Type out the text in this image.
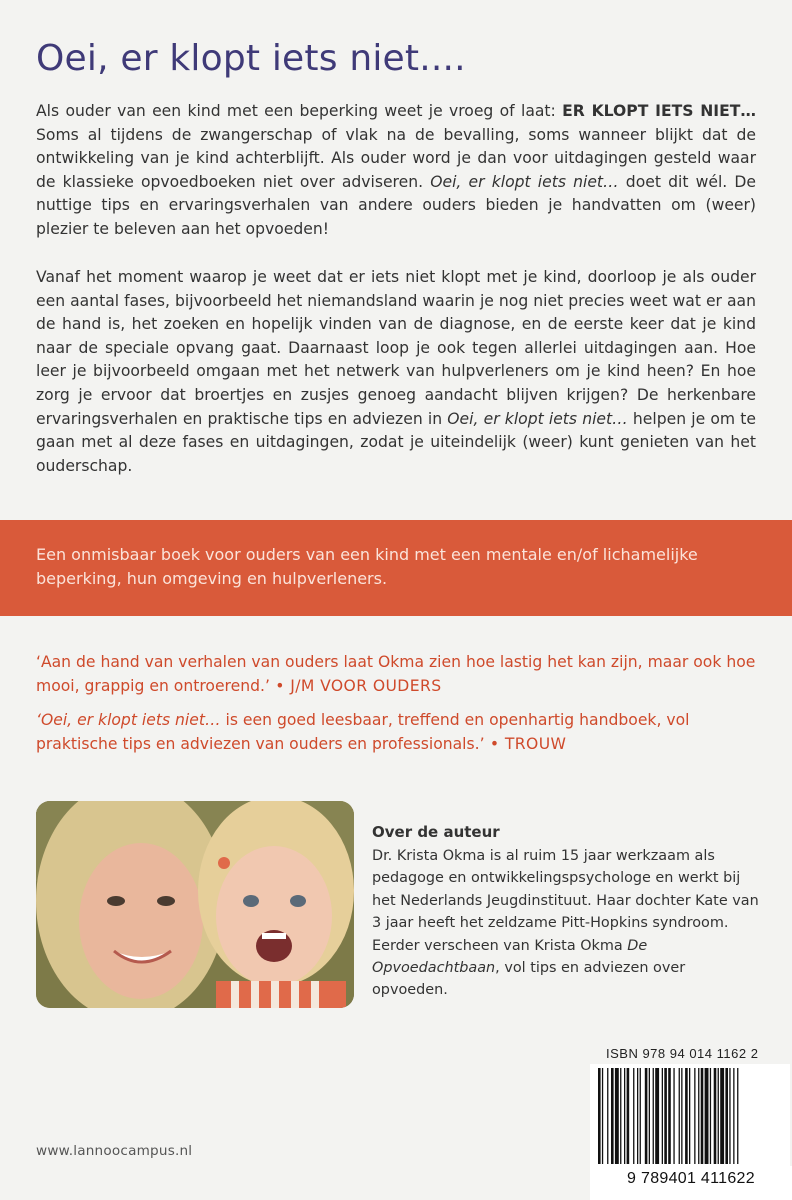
Oei, er klopt iets niet....

Als ouder van een kind met een beperking weet je vroeg of laat: ER KLOPT IETS NIET… Soms al tijdens de zwangerschap of vlak na de bevalling, soms wanneer blijkt dat de ontwikkeling van je kind achterblijft. Als ouder word je dan voor uitdagingen gesteld waar de klassieke opvoedboeken niet over adviseren. Oei, er klopt iets niet… doet dit wél. De nuttige tips en ervaringsverhalen van andere ouders bieden je handvatten om (weer) plezier te beleven aan het opvoeden!

Vanaf het moment waarop je weet dat er iets niet klopt met je kind, doorloop je als ouder een aantal fases, bijvoorbeeld het niemandsland waarin je nog niet precies weet wat er aan de hand is, het zoeken en hopelijk vinden van de diagnose, en de eerste keer dat je kind naar de speciale opvang gaat. Daarnaast loop je ook tegen allerlei uitdagingen aan. Hoe leer je bijvoorbeeld omgaan met het netwerk van hulpverleners om je kind heen? En hoe zorg je ervoor dat broertjes en zusjes genoeg aandacht blijven krijgen? De herkenbare ervaringsverhalen en praktische tips en adviezen in Oei, er klopt iets niet… helpen je om te gaan met al deze fases en uitdagingen, zodat je uiteindelijk (weer) kunt genieten van het ouderschap.

Een onmisbaar boek voor ouders van een kind met een mentale en/of lichamelijke beperking, hun omgeving en hulpverleners.

‘Aan de hand van verhalen van ouders laat Okma zien hoe lastig het kan zijn, maar ook hoe mooi, grappig en ontroerend.’ • J/M VOOR OUDERS

‘Oei, er klopt iets niet… is een goed leesbaar, treffend en openhartig handboek, vol praktische tips en adviezen van ouders en professionals.’ • TROUW

Over de auteur

Dr. Krista Okma is al ruim 15 jaar werkzaam als pedagoge en ontwikkelingspsychologe en werkt bij het Nederlands Jeugdinstituut. Haar dochter Kate van 3 jaar heeft het zeldzame Pitt-Hopkins syndroom. Eerder verscheen van Krista Okma De Opvoedachtbaan, vol tips en adviezen over opvoeden.

ISBN 978 94 014 1162 2
9 789401 411622
www.lannoocampus.nl
